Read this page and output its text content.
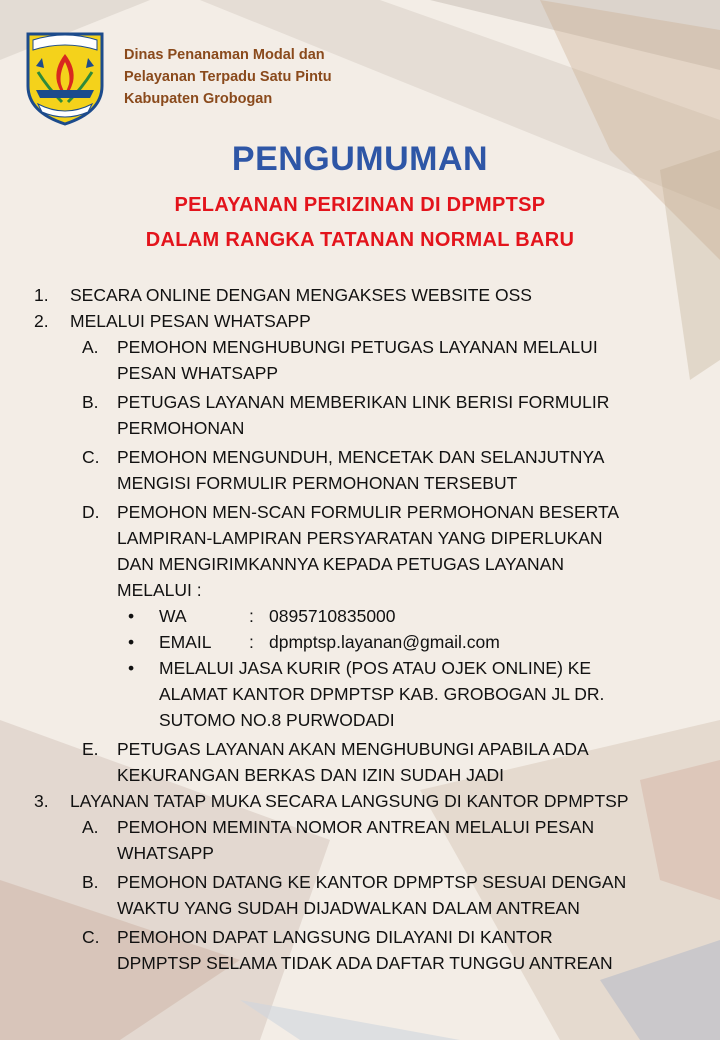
Dinas Penanaman Modal dan
Pelayanan Terpadu Satu Pintu
Kabupaten Grobogan
PENGUMUMAN
PELAYANAN PERIZINAN DI DPMPTSP
DALAM RANGKA TATANAN NORMAL BARU
1. SECARA ONLINE DENGAN MENGAKSES WEBSITE OSS
2. MELALUI PESAN WHATSAPP
A. PEMOHON MENGHUBUNGI PETUGAS LAYANAN MELALUI
PESAN WHATSAPP
B. PETUGAS LAYANAN MEMBERIKAN LINK BERISI FORMULIR
PERMOHONAN
C. PEMOHON MENGUNDUH, MENCETAK DAN SELANJUTNYA
MENGISI FORMULIR PERMOHONAN TERSEBUT
D. PEMOHON MEN-SCAN FORMULIR PERMOHONAN BESERTA
LAMPIRAN-LAMPIRAN PERSYARATAN YANG DIPERLUKAN
DAN MENGIRIMKANNYA KEPADA PETUGAS LAYANAN
MELALUI :
• WA	: 0895710835000
• EMAIL : dpmptsp.layanan@gmail.com
• MELALUI JASA KURIR (POS ATAU OJEK ONLINE) KE
ALAMAT KANTOR DPMPTSP KAB. GROBOGAN JL DR.
SUTOMO NO.8 PURWODADI
E. PETUGAS LAYANAN AKAN MENGHUBUNGI APABILA ADA
KEKURANGAN BERKAS DAN IZIN SUDAH JADI
3. LAYANAN TATAP MUKA SECARA LANGSUNG DI KANTOR DPMPTSP
A. PEMOHON MEMINTA NOMOR ANTREAN MELALUI PESAN
WHATSAPP
B. PEMOHON DATANG KE KANTOR DPMPTSP SESUAI DENGAN
WAKTU YANG SUDAH DIJADWALKAN DALAM ANTREAN
C. PEMOHON DAPAT LANGSUNG DILAYANI DI KANTOR
DPMPTSP SELAMA TIDAK ADA DAFTAR TUNGGU ANTREAN
